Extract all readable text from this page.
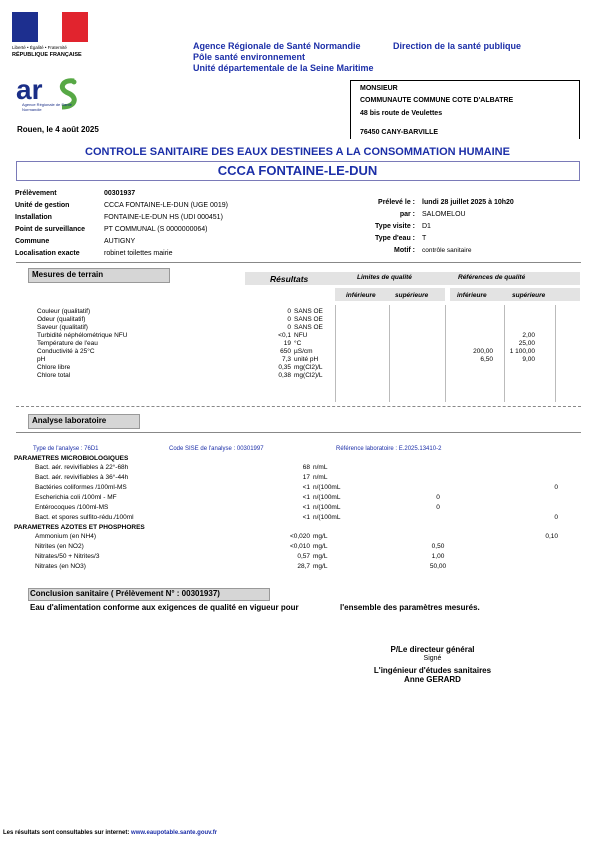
Liberté • Égalité • Fraternité
RÉPUBLIQUE FRANÇAISE
ar
Agence Régionale de Santé Normandie
Agence Régionale de Santé Normandie	Direction de la santé publique
Pôle santé environnement
Unité départementale de la Seine Maritime
MONSIEUR
COMMUNAUTE COMMUNE COTE D'ALBATRE
48 bis route de Veulettes
76450 CANY-BARVILLE
Rouen, le 4 août 2025
CONTROLE SANITAIRE DES EAUX DESTINEES A LA CONSOMMATION HUMAINE
CCCA FONTAINE-LE-DUN
Prélèvement	00301937
Unité de gestion	CCCA FONTAINE-LE-DUN (UGE 0019)
Installation	FONTAINE-LE-DUN HS (UDI 000451)
Point de surveillance	PT COMMUNAL (S 0000000064)
Commune	AUTIGNY
Localisation exacte	robinet toilettes mairie
Prélevé le :	lundi 28 juillet 2025 à 10h20
par :	SALOMELOU
Type visite :	D1
Type d'eau :	T
Motif :	contrôle sanitaire
Mesures de terrain	Résultats	Limites de qualité	Références de qualité
inférieure	supérieure	inférieure	supérieure
Couleur (qualitatif)	0	SANS OE				
Odeur (qualitatif)	0	SANS OE				
Saveur (qualitatif)	0	SANS OE				
Turbidité néphélométrique NFU	<0,1	NFU				2,00
Température de l'eau	19	°C				25,00
Conductivité à 25°C	650	µS/cm			200,00	1 100,00
pH	7,3	unité pH			6,50	9,00
Chlore libre	0,35	mg(Cl2)/L				
Chlore total	0,38	mg(Cl2)/L				
Analyse laboratoire
Type de l'analyse : 76D1	Code SISE de l'analyse : 00301997	Référence laboratoire : E.2025.13410-2
PARAMETRES MICROBIOLOGIQUES						
Bact. aér. revivifiables à 22°-68h	68	n/mL				
Bact. aér. revivifiables à 36°-44h	17	n/mL				
Bactéries coliformes /100ml-MS	<1	n/(100mL				0
Escherichia coli /100ml - MF	<1	n/(100mL		0		
Entérocoques /100ml-MS	<1	n/(100mL		0		
Bact. et spores sulfito-rédu./100ml	<1	n/(100mL				0
PARAMETRES AZOTES ET PHOSPHORES						
Ammonium (en NH4)	<0,020	mg/L				0,10
Nitrites (en NO2)	<0,010	mg/L		0,50		
Nitrates/50 + Nitrites/3	0,57	mg/L		1,00		
Nitrates (en NO3)	28,7	mg/L		50,00		
Conclusion sanitaire ( Prélèvement N° : 00301937)
Eau d'alimentation conforme aux exigences de qualité en vigueur pour	l'ensemble des paramètres mesurés.
P/Le directeur général
Signé
L'ingénieur d'études sanitaires
Anne GERARD
Les résultats sont consultables sur internet: www.eaupotable.sante.gouv.fr
